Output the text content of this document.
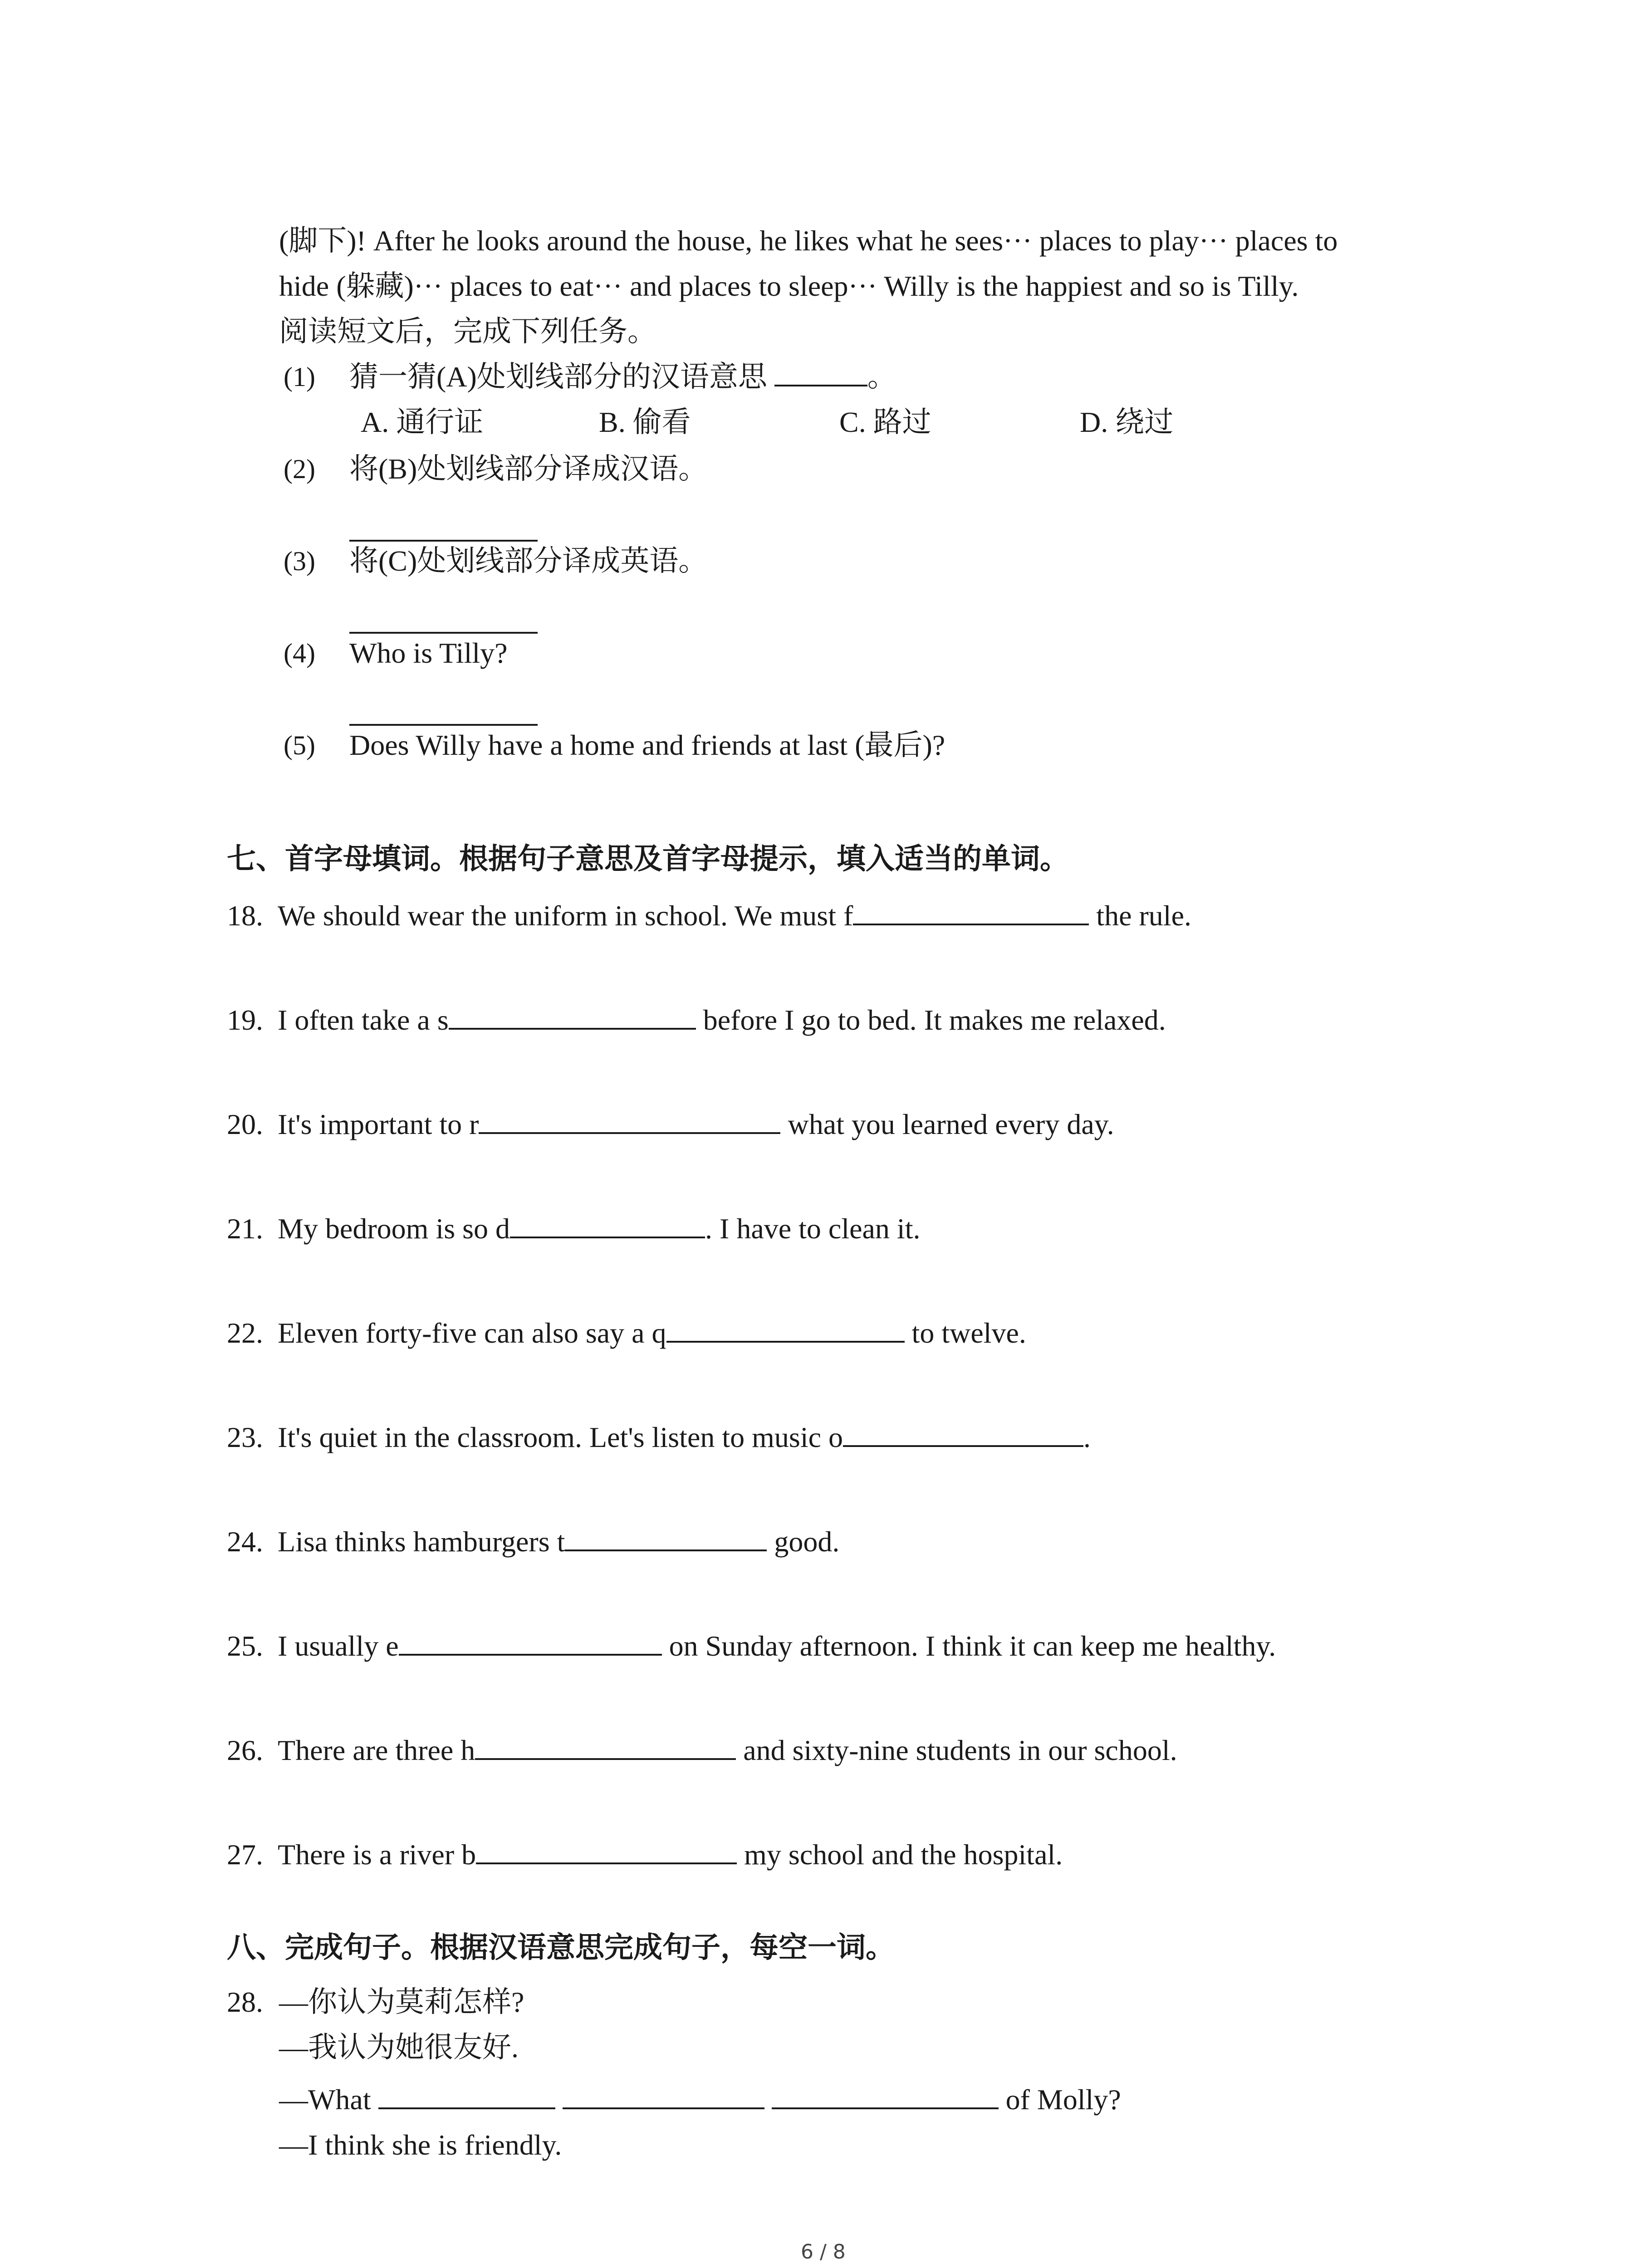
(脚下)! After he looks around the house, he likes what he sees··· places to play··· places to
hide (躲藏)··· places to eat··· and places to sleep··· Willy is the happiest and so is Tilly.
阅读短文后，完成下列任务。
(1) 猜一猜(A)处划线部分的汉语意思	。
A. 通行证	B. 偷看	C. 路过	D. 绕过
(2) 将(B)处划线部分译成汉语。
(3) 将(C)处划线部分译成英语。
(4) Who is Tilly?
(5) Does Willy have a home and friends at last (最后)?
七、首字母填词。根据句子意思及首字母提示，填入适当的单词。
18. We should wear the uniform in school. We must f	the rule.
19. I often take a s	before I go to bed. It makes me relaxed.
20. It's important to r	what you learned every day.
21. My bedroom is so d	. I have to clean it.
22. Eleven forty-five can also say a q	to twelve.
23. It's quiet in the classroom. Let's listen to music o	.
24. Lisa thinks hamburgers t	good.
25. I usually e	on Sunday afternoon. I think it can keep me healthy.
26. There are three h	and sixty-nine students in our school.
27. There is a river b	my school and the hospital.
八、完成句子。根据汉语意思完成句子，每空一词。
28. —你认为莫莉怎样?
—我认为她很友好.
—What	of Molly?
—I think she is friendly.
6 / 8
